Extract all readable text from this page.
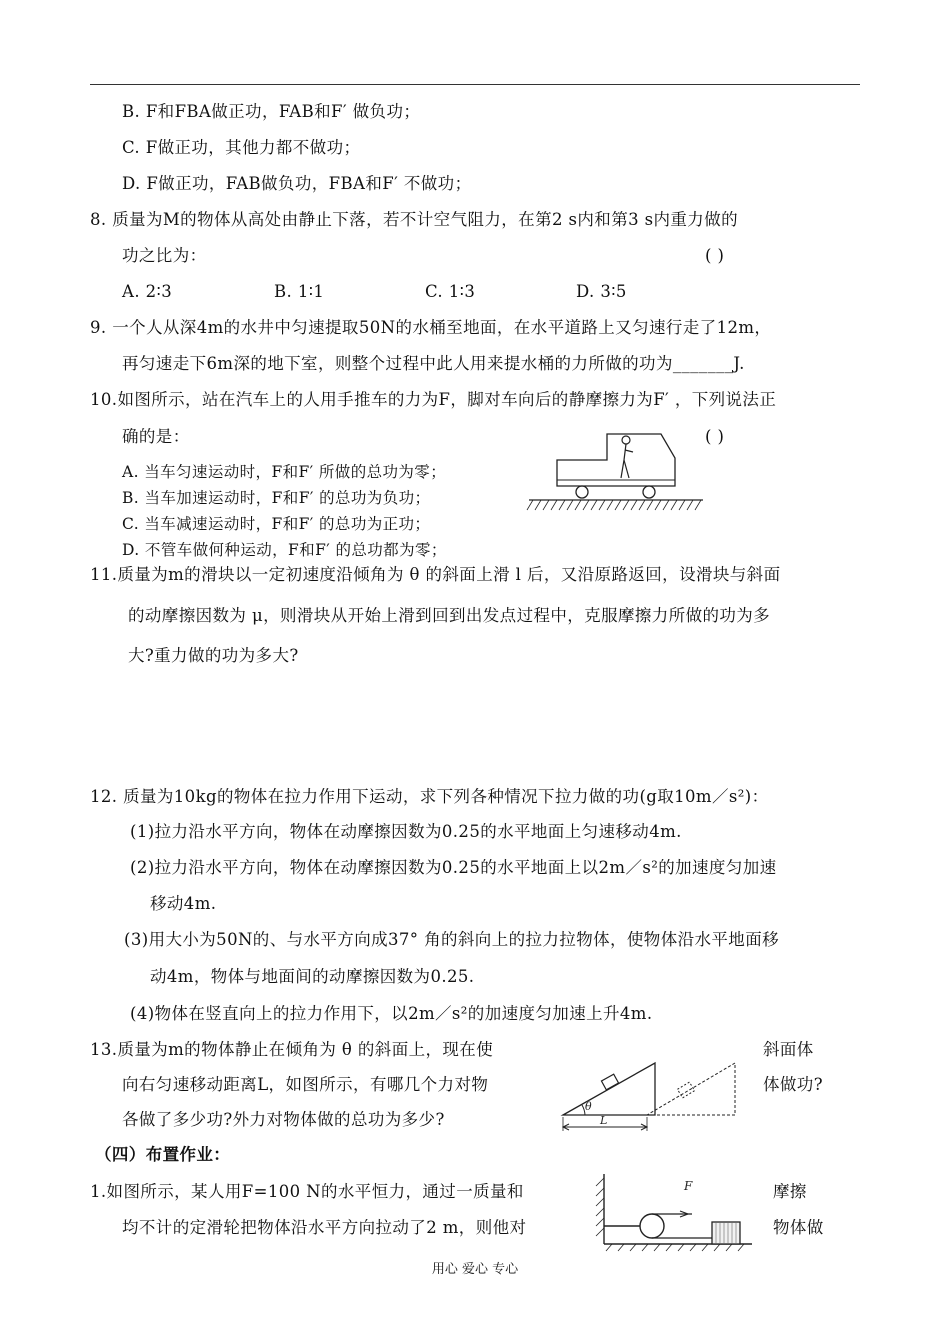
B. F和FBA做正功，FAB和F′ 做负功；
C. F做正功，其他力都不做功；
D. F做正功，FAB做负功，FBA和F′ 不做功；
8. 质量为M的物体从高处由静止下落，若不计空气阻力，在第2 s内和第3 s内重力做的
功之比为：	( )
A. 2∶3	B. 1∶1	C. 1∶3	D. 3∶5
9. 一个人从深4m的水井中匀速提取50N的水桶至地面，在水平道路上又匀速行走了12m，
再匀速走下6m深的地下室，则整个过程中此人用来提水桶的力所做的功为_______J.
10.如图所示，站在汽车上的人用手推车的力为F，脚对车向后的静摩擦力为F′ ，下列说法正
确的是：	( )
A. 当车匀速运动时，F和F′ 所做的总功为零；
B. 当车加速运动时，F和F′ 的总功为负功；
C. 当车减速运动时，F和F′ 的总功为正功；
D. 不管车做何种运动，F和F′ 的总功都为零；
11.质量为m的滑块以一定初速度沿倾角为 θ 的斜面上滑 l 后，又沿原路返回，设滑块与斜面
的动摩擦因数为 μ，则滑块从开始上滑到回到出发点过程中，克服摩擦力所做的功为多
大?重力做的功为多大?
12. 质量为10kg的物体在拉力作用下运动，求下列各种情况下拉力做的功(g取10m／s²)：
(1)拉力沿水平方向，物体在动摩擦因数为0.25的水平地面上匀速移动4m.
(2)拉力沿水平方向，物体在动摩擦因数为0.25的水平地面上以2m／s²的加速度匀加速
移动4m.
(3)用大小为50N的、与水平方向成37° 角的斜向上的拉力拉物体，使物体沿水平地面移
动4m，物体与地面间的动摩擦因数为0.25.
(4)物体在竖直向上的拉力作用下，以2m／s²的加速度匀加速上升4m.
13.质量为m的物体静止在倾角为 θ 的斜面上，现在使	斜面体
向右匀速移动距离L，如图所示，有哪几个力对物	体做功?
各做了多少功?外力对物体做的总功为多少?
θ
L
（四）布置作业：
1.如图所示，某人用F=100 N的水平恒力，通过一质量和	摩擦
均不计的定滑轮把物体沿水平方向拉动了2 m，则他对	物体做
F
用心 爱心 专心
